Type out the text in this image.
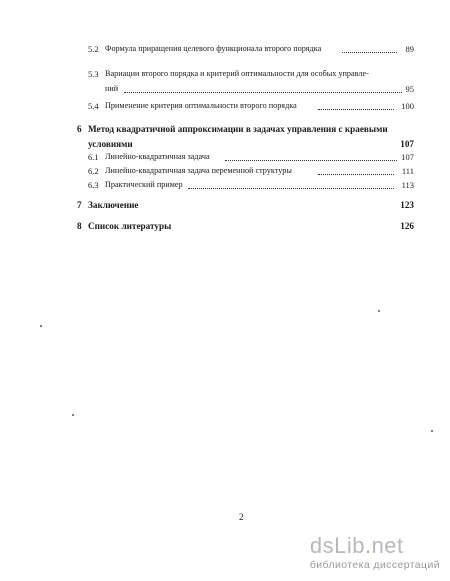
5.2 Формула приращения целевого функционала второго порядка	89
5.3 Вариации второго порядка и критерий оптимальности для особых управле-
ний	95
5.4 Применение критерия оптимальности второго порядка	100
6 Метод квадратичной аппроксимации в задачах управления с краевыми
условиями	107
6.1 Линейно-квадратичная задача	107
6.2 Линейно-квадратичная задача переменной структуры	111
6.3 Практический пример	113
7 Заключение	123
8 Список литературы	126
2
dsLib.net
библиотека диссертаций
